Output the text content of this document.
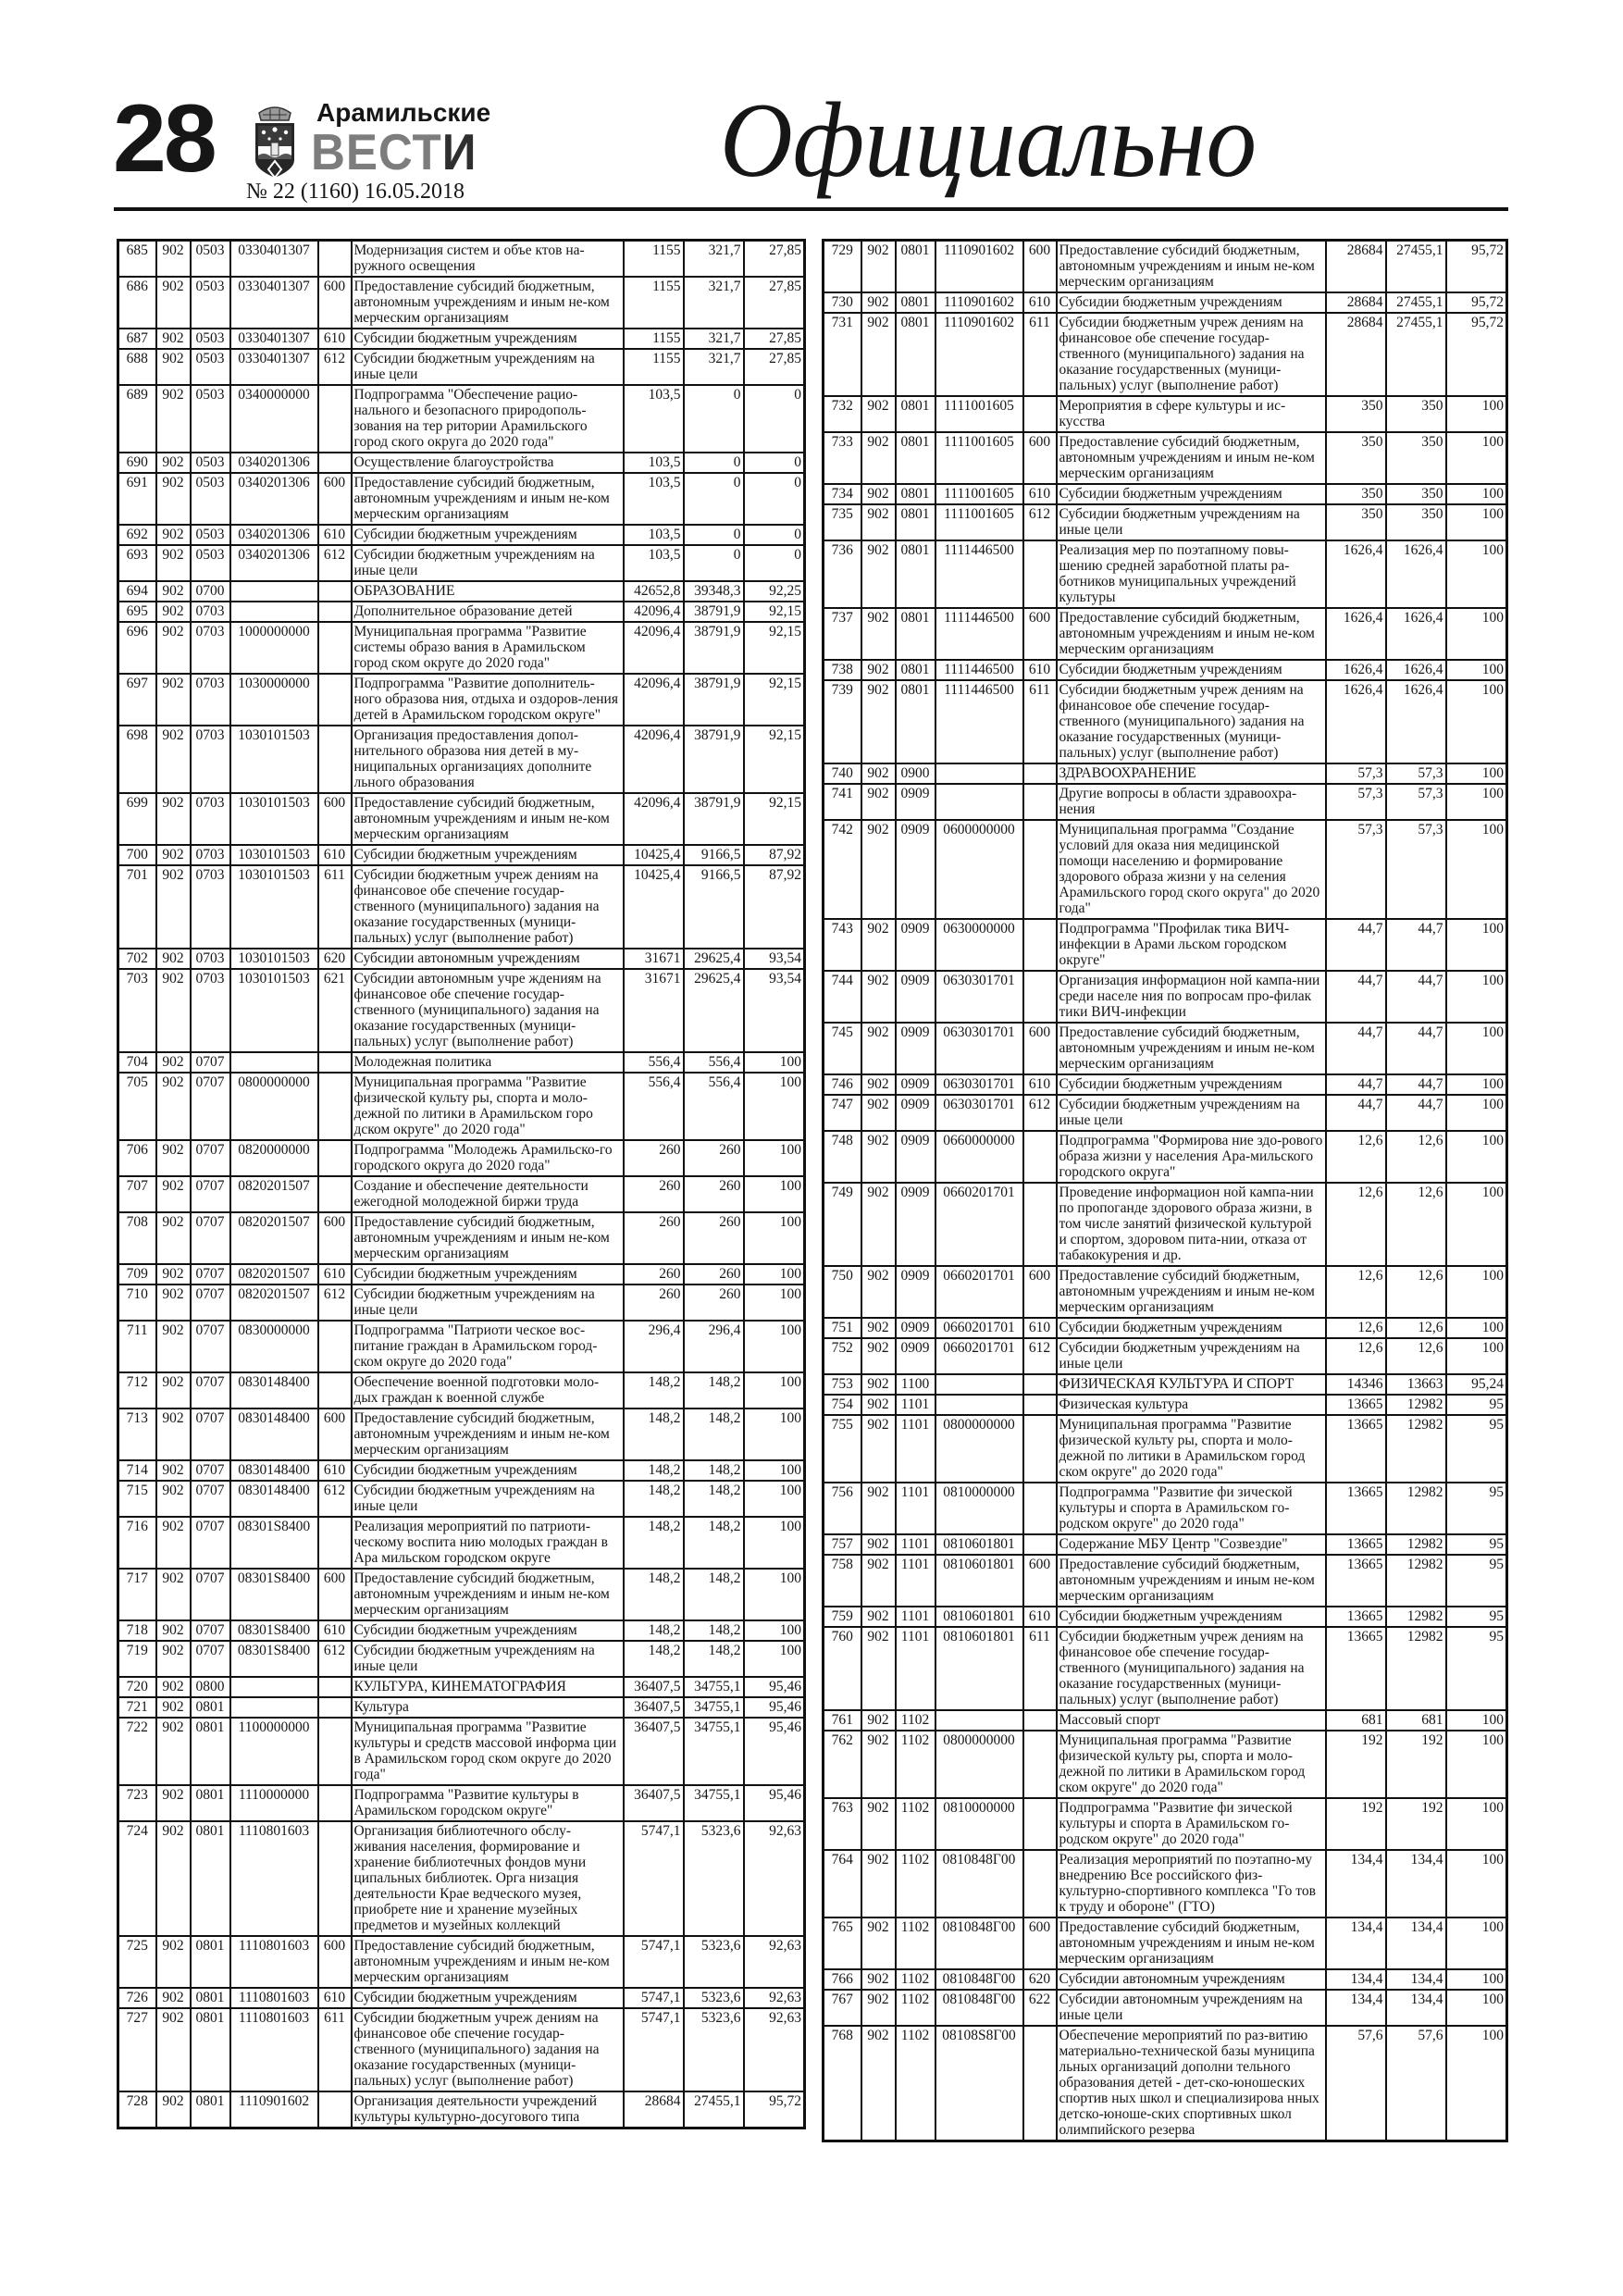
28	Арамильские
ВЕСТИ
№ 22 (1160) 16.05.2018 Официально
685	902	0503	0330401307		Модернизация систем и объе ктов на-ружного освещения	1155	321,7	27,85
686	902	0503	0330401307	600	Предоставление субсидий бюджетным, автономным учреждениям и иным не-ком мерческим организациям	1155	321,7	27,85
687	902	0503	0330401307	610	Субсидии бюджетным учреждениям	1155	321,7	27,85
688	902	0503	0330401307	612	Субсидии бюджетным учреждениям на иные цели	1155	321,7	27,85
689	902	0503	0340000000		Подпрограмма "Обеспечение рацио-нального и безопасного природополь-зования на тер ритории Арамильского город ского округа до 2020 года"	103,5	0	0
690	902	0503	0340201306		Осуществление благоустройства	103,5	0	0
691	902	0503	0340201306	600	Предоставление субсидий бюджетным, автономным учреждениям и иным не-ком мерческим организациям	103,5	0	0
692	902	0503	0340201306	610	Субсидии бюджетным учреждениям	103,5	0	0
693	902	0503	0340201306	612	Субсидии бюджетным учреждениям на иные цели	103,5	0	0
694	902	0700			ОБРАЗОВАНИЕ	42652,8	39348,3	92,25
695	902	0703			Дополнительное образование детей	42096,4	38791,9	92,15
696	902	0703	1000000000		Муниципальная программа "Развитие системы образо вания в Арамильском город ском округе до 2020 года"	42096,4	38791,9	92,15
697	902	0703	1030000000		Подпрограмма "Развитие дополнитель-ного образова ния, отдыха и оздоров-ления детей в Арамильском городском округе"	42096,4	38791,9	92,15
698	902	0703	1030101503		Организация предоставления допол-нительного образова ния детей в му-ниципальных организациях дополните льного образования	42096,4	38791,9	92,15
699	902	0703	1030101503	600	Предоставление субсидий бюджетным, автономным учреждениям и иным не-ком мерческим организациям	42096,4	38791,9	92,15
700	902	0703	1030101503	610	Субсидии бюджетным учреждениям	10425,4	9166,5	87,92
701	902	0703	1030101503	611	Субсидии бюджетным учреж дениям на финансовое обе спечение государ-ственного (муниципального) задания на оказание государственных (муници-пальных) услуг (выполнение работ)	10425,4	9166,5	87,92
702	902	0703	1030101503	620	Субсидии автономным учреждениям	31671	29625,4	93,54
703	902	0703	1030101503	621	Субсидии автономным учре ждениям на финансовое обе спечение государ-ственного (муниципального) задания на оказание государственных (муници-пальных) услуг (выполнение работ)	31671	29625,4	93,54
704	902	0707			Молодежная политика	556,4	556,4	100
705	902	0707	0800000000		Муниципальная программа "Развитие физической культу ры, спорта и моло-дежной по литики в Арамильском горо дском округе" до 2020 года"	556,4	556,4	100
706	902	0707	0820000000		Подпрограмма "Молодежь Арамильско-го городского округа до 2020 года"	260	260	100
707	902	0707	0820201507		Создание и обеспечение деятельности ежегодной молодежной биржи труда	260	260	100
708	902	0707	0820201507	600	Предоставление субсидий бюджетным, автономным учреждениям и иным не-ком мерческим организациям	260	260	100
709	902	0707	0820201507	610	Субсидии бюджетным учреждениям	260	260	100
710	902	0707	0820201507	612	Субсидии бюджетным учреждениям на иные цели	260	260	100
711	902	0707	0830000000		Подпрограмма "Патриоти ческое вос-питание граждан в Арамильском город-ском округе до 2020 года"	296,4	296,4	100
712	902	0707	0830148400		Обеспечение военной подготовки моло-дых граждан к военной службе	148,2	148,2	100
713	902	0707	0830148400	600	Предоставление субсидий бюджетным, автономным учреждениям и иным не-ком мерческим организациям	148,2	148,2	100
714	902	0707	0830148400	610	Субсидии бюджетным учреждениям	148,2	148,2	100
715	902	0707	0830148400	612	Субсидии бюджетным учреждениям на иные цели	148,2	148,2	100
716	902	0707	08301S8400		Реализация мероприятий по патриоти-ческому воспита нию молодых граждан в Ара мильском городском округе	148,2	148,2	100
717	902	0707	08301S8400	600	Предоставление субсидий бюджетным, автономным учреждениям и иным не-ком мерческим организациям	148,2	148,2	100
718	902	0707	08301S8400	610	Субсидии бюджетным учреждениям	148,2	148,2	100
719	902	0707	08301S8400	612	Субсидии бюджетным учреждениям на иные цели	148,2	148,2	100
720	902	0800			КУЛЬТУРА, КИНЕМАТОГРАФИЯ	36407,5	34755,1	95,46
721	902	0801			Культура	36407,5	34755,1	95,46
722	902	0801	1100000000		Муниципальная программа "Развитие культуры и средств массовой информа ции в Арамильском город ском округе до 2020 года"	36407,5	34755,1	95,46
723	902	0801	1110000000		Подпрограмма "Развитие культуры в Арамильском городском округе"	36407,5	34755,1	95,46
724	902	0801	1110801603		Организация библиотечного обслу-живания населения, формирование и хранение библиотечных фондов муни ципальных библиотек. Орга низация деятельности Крае ведческого музея, приобрете ние и хранение музейных предметов и музейных коллекций	5747,1	5323,6	92,63
725	902	0801	1110801603	600	Предоставление субсидий бюджетным, автономным учреждениям и иным не-ком мерческим организациям	5747,1	5323,6	92,63
726	902	0801	1110801603	610	Субсидии бюджетным учреждениям	5747,1	5323,6	92,63
727	902	0801	1110801603	611	Субсидии бюджетным учреж дениям на финансовое обе спечение государ-ственного (муниципального) задания на оказание государственных (муници-пальных) услуг (выполнение работ)	5747,1	5323,6	92,63
728	902	0801	1110901602		Организация деятельности учреждений культуры культурно-досугового типа	28684	27455,1	95,72
729	902	0801	1110901602	600	Предоставление субсидий бюджетным, автономным учреждениям и иным не-ком мерческим организациям	28684	27455,1	95,72
730	902	0801	1110901602	610	Субсидии бюджетным учреждениям	28684	27455,1	95,72
731	902	0801	1110901602	611	Субсидии бюджетным учреж дениям на финансовое обе спечение государ-ственного (муниципального) задания на оказание государственных (муници-пальных) услуг (выполнение работ)	28684	27455,1	95,72
732	902	0801	1111001605		Мероприятия в сфере культуры и ис-кусства	350	350	100
733	902	0801	1111001605	600	Предоставление субсидий бюджетным, автономным учреждениям и иным не-ком мерческим организациям	350	350	100
734	902	0801	1111001605	610	Субсидии бюджетным учреждениям	350	350	100
735	902	0801	1111001605	612	Субсидии бюджетным учреждениям на иные цели	350	350	100
736	902	0801	1111446500		Реализация мер по поэтапному повы-шению средней заработной платы ра-ботников муниципальных учреждений культуры	1626,4	1626,4	100
737	902	0801	1111446500	600	Предоставление субсидий бюджетным, автономным учреждениям и иным не-ком мерческим организациям	1626,4	1626,4	100
738	902	0801	1111446500	610	Субсидии бюджетным учреждениям	1626,4	1626,4	100
739	902	0801	1111446500	611	Субсидии бюджетным учреж дениям на финансовое обе спечение государ-ственного (муниципального) задания на оказание государственных (муници-пальных) услуг (выполнение работ)	1626,4	1626,4	100
740	902	0900			ЗДРАВООХРАНЕНИЕ	57,3	57,3	100
741	902	0909			Другие вопросы в области здравоохра-нения	57,3	57,3	100
742	902	0909	0600000000		Муниципальная программа "Создание условий для оказа ния медицинской помощи населению и формирование здорового образа жизни у на селения Арамильского город ского округа" до 2020 года"	57,3	57,3	100
743	902	0909	0630000000		Подпрограмма "Профилак тика ВИЧ-инфекции в Арами льском городском округе"	44,7	44,7	100
744	902	0909	0630301701		Организация информацион ной кампа-нии среди населе ния по вопросам про-филак тики ВИЧ-инфекции	44,7	44,7	100
745	902	0909	0630301701	600	Предоставление субсидий бюджетным, автономным учреждениям и иным не-ком мерческим организациям	44,7	44,7	100
746	902	0909	0630301701	610	Субсидии бюджетным учреждениям	44,7	44,7	100
747	902	0909	0630301701	612	Субсидии бюджетным учреждениям на иные цели	44,7	44,7	100
748	902	0909	0660000000		Подпрограмма "Формирова ние здо-рового образа жизни у населения Ара-мильского городского округа"	12,6	12,6	100
749	902	0909	0660201701		Проведение информацион ной кампа-нии по пропоганде здорового образа жизни, в том числе занятий физической культурой и спортом, здоровом пита-нии, отказа от табакокурения и др.	12,6	12,6	100
750	902	0909	0660201701	600	Предоставление субсидий бюджетным, автономным учреждениям и иным не-ком мерческим организациям	12,6	12,6	100
751	902	0909	0660201701	610	Субсидии бюджетным учреждениям	12,6	12,6	100
752	902	0909	0660201701	612	Субсидии бюджетным учреждениям на иные цели	12,6	12,6	100
753	902	1100			ФИЗИЧЕСКАЯ КУЛЬТУРА И СПОРТ	14346	13663	95,24
754	902	1101			Физическая культура	13665	12982	95
755	902	1101	0800000000		Муниципальная программа "Развитие физической культу ры, спорта и моло-дежной по литики в Арамильском город ском округе" до 2020 года"	13665	12982	95
756	902	1101	0810000000		Подпрограмма "Развитие фи зической культуры и спорта в Арамильском го-родском округе" до 2020 года"	13665	12982	95
757	902	1101	0810601801		Содержание МБУ Центр "Созвездие"	13665	12982	95
758	902	1101	0810601801	600	Предоставление субсидий бюджетным, автономным учреждениям и иным не-ком мерческим организациям	13665	12982	95
759	902	1101	0810601801	610	Субсидии бюджетным учреждениям	13665	12982	95
760	902	1101	0810601801	611	Субсидии бюджетным учреж дениям на финансовое обе спечение государ-ственного (муниципального) задания на оказание государственных (муници-пальных) услуг (выполнение работ)	13665	12982	95
761	902	1102			Массовый спорт	681	681	100
762	902	1102	0800000000		Муниципальная программа "Развитие физической культу ры, спорта и моло-дежной по литики в Арамильском город ском округе" до 2020 года"	192	192	100
763	902	1102	0810000000		Подпрограмма "Развитие фи зической культуры и спорта в Арамильском го-родском округе" до 2020 года"	192	192	100
764	902	1102	0810848Г00		Реализация мероприятий по поэтапно-му внедрению Все российского физ-культурно-спортивного комплекса "Го тов к труду и обороне" (ГТО)	134,4	134,4	100
765	902	1102	0810848Г00	600	Предоставление субсидий бюджетным, автономным учреждениям и иным не-ком мерческим организациям	134,4	134,4	100
766	902	1102	0810848Г00	620	Субсидии автономным учреждениям	134,4	134,4	100
767	902	1102	0810848Г00	622	Субсидии автономным учреждениям на иные цели	134,4	134,4	100
768	902	1102	08108S8Г00		Обеспечение мероприятий по раз-витию материально-технической базы муниципа льных организаций дополни тельного образования детей - дет-ско-юношеских спортив ных школ и специализирова нных детско-юноше-ских спортивных школ олимпийского резерва	57,6	57,6	100
